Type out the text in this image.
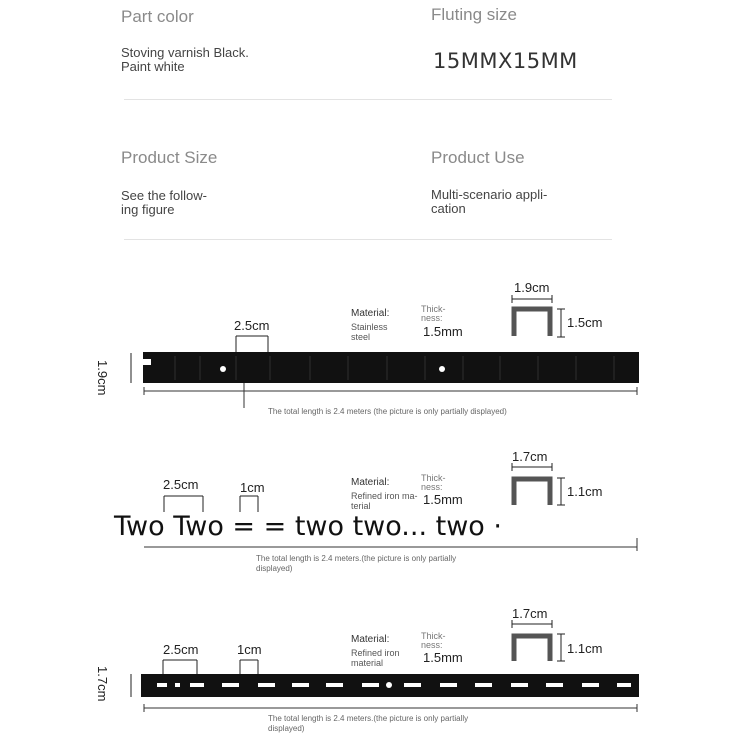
Part color
Stoving varnish Black.
Paint white
Fluting size
15MMX15MM
Product Size
See the follow-
ing figure
Product Use
Multi-scenario appli-
cation
2.5cm
Material:
Stainless
steel
Thick-
ness:
1.5mm
1.9cm
1.5cm
1.9cm
The total length is 2.4 meters (the picture is only partially displayed)
2.5cm	1cm	Material:
Refined iron ma-
terial
Thick-
ness:
1.5mm
1.7cm
1.1cm
Two Two = = two two... two ·
The total length is 2.4 meters.(the picture is only partially
displayed)
2.5cm	1cm
Material:
Refined iron
material
Thick-
ness:
1.5mm
1.7cm
1.1cm
1.7cm
The total length is 2.4 meters.(the picture is only partially
displayed)
